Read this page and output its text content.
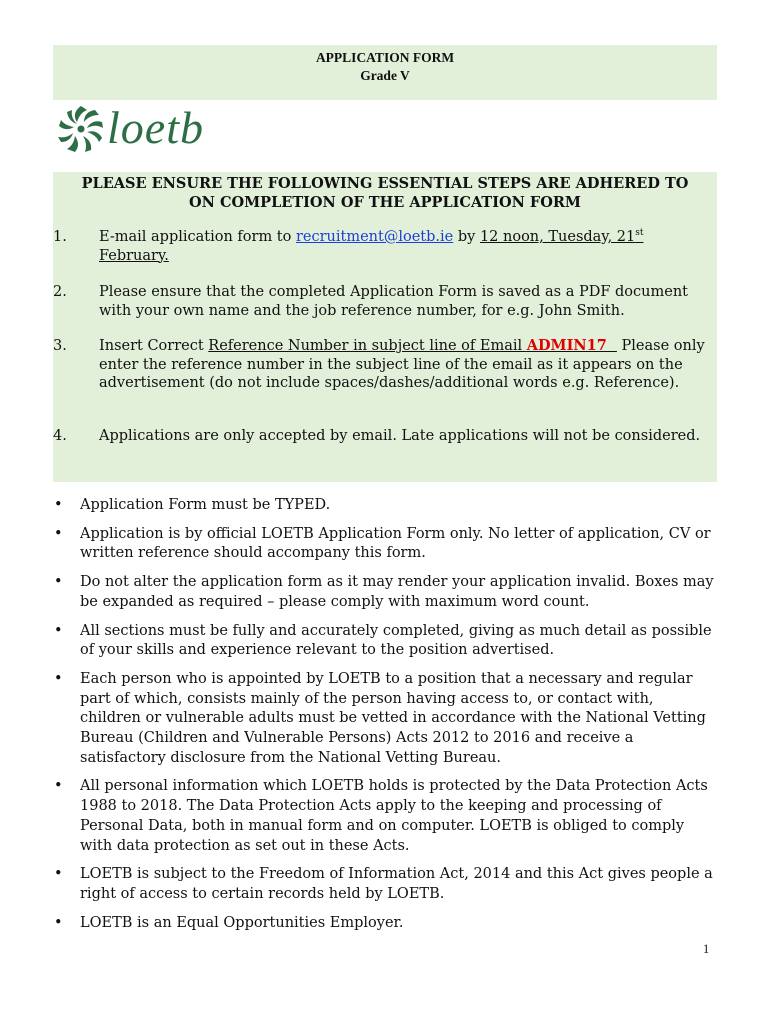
APPLICATION FORM
Grade V
loetb
PLEASE ENSURE THE FOLLOWING ESSENTIAL STEPS ARE ADHERED TO
ON COMPLETION OF THE APPLICATION FORM
1. E-mail application form to recruitment@loetb.ie by 12 noon, Tuesday, 21st
February.
2. Please ensure that the completed Application Form is saved as a PDF document with your own name and the job reference number, for e.g. John Smith.
3. Insert Correct Reference Number in subject line of Email ADMIN17   Please only enter the reference number in the subject line of the email as it appears on the advertisement (do not include spaces/dashes/additional words e.g. Reference).
4. Applications are only accepted by email. Late applications will not be considered.
• Application Form must be TYPED.
• Application is by official LOETB Application Form only. No letter of application, CV or written reference should accompany this form.
• Do not alter the application form as it may render your application invalid. Boxes may be expanded as required – please comply with maximum word count.
• All sections must be fully and accurately completed, giving as much detail as possible of your skills and experience relevant to the position advertised.
• Each person who is appointed by LOETB to a position that a necessary and regular part of which, consists mainly of the person having access to, or contact with, children or vulnerable adults must be vetted in accordance with the National Vetting Bureau (Children and Vulnerable Persons) Acts 2012 to 2016 and receive a satisfactory disclosure from the National Vetting Bureau.
• All personal information which LOETB holds is protected by the Data Protection Acts 1988 to 2018. The Data Protection Acts apply to the keeping and processing of Personal Data, both in manual form and on computer. LOETB is obliged to comply with data protection as set out in these Acts.
• LOETB is subject to the Freedom of Information Act, 2014 and this Act gives people a right of access to certain records held by LOETB.
• LOETB is an Equal Opportunities Employer.
1
